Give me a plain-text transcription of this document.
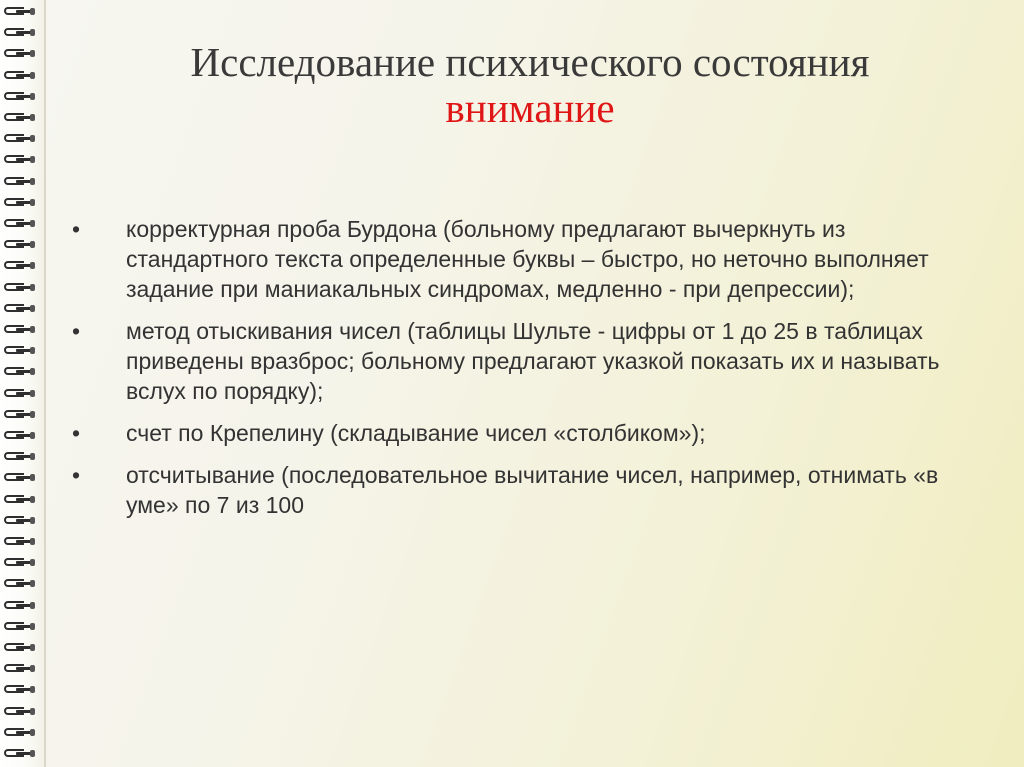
Исследование психического состояния
внимание
•	корректурная проба Бурдона (больному предлагают вычеркнуть из стандартного текста определенные буквы – быстро, но неточно выполняет задание при маниакальных синдромах, медленно - при депрессии);
•	метод отыскивания чисел (таблицы Шульте - цифры от 1 до 25 в таблицах приведены вразброс; больному предлагают указкой показать их и называть вслух по порядку);
•	счет по Крепелину (складывание чисел «столбиком»);
•	отсчитывание (последовательное вычитание чисел, например, отнимать «в уме» по 7 из 100
